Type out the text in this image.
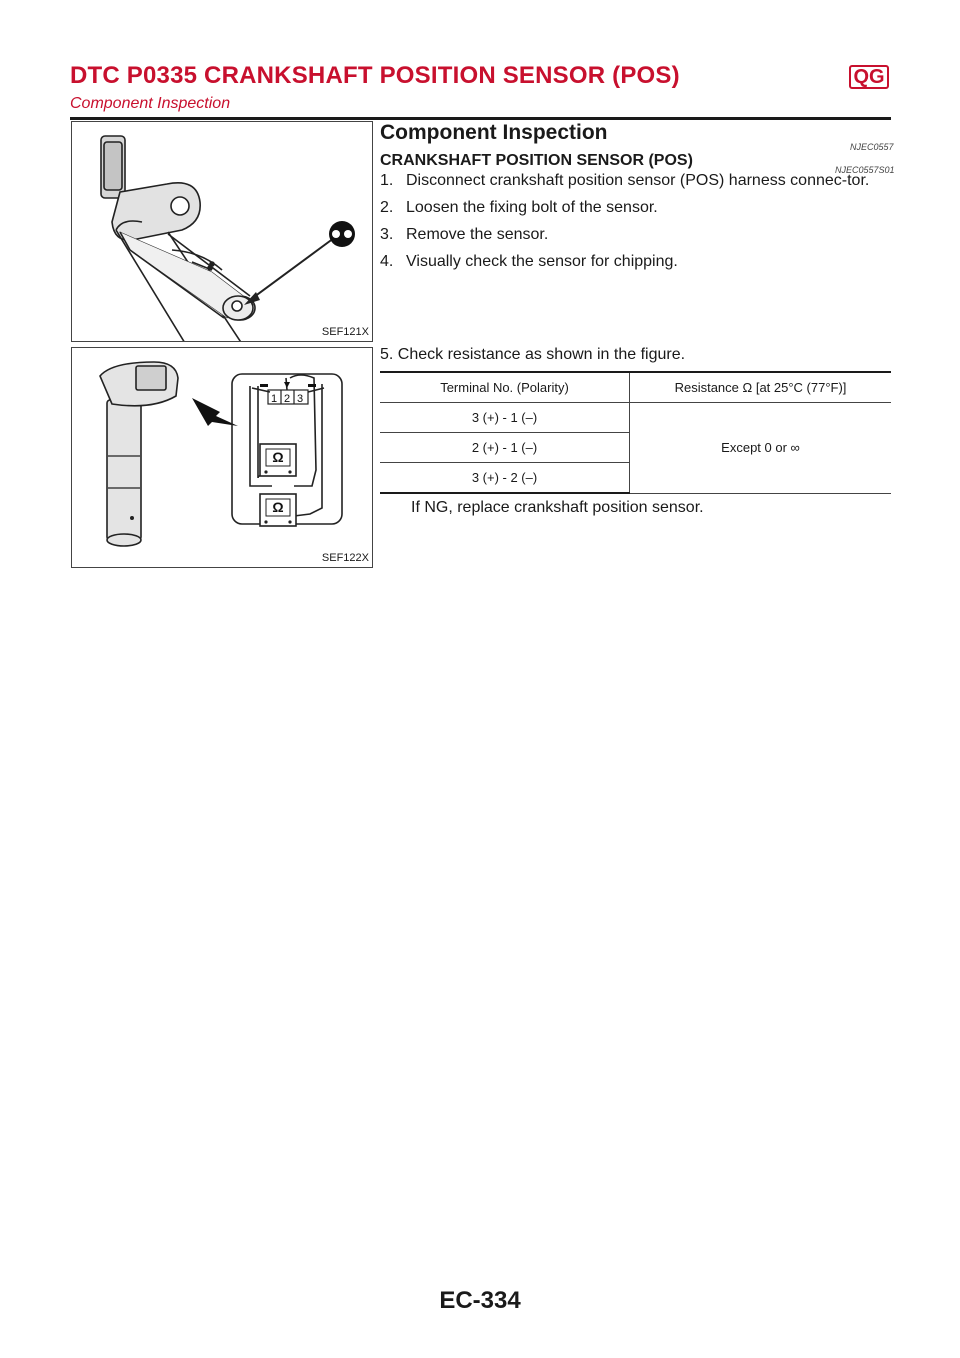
DTC P0335 CRANKSHAFT POSITION SENSOR (POS)	QG
Component Inspection
SEF121X
1 2 3
Ω
Ω
SEF122X
Component Inspection
NJEC0557
CRANKSHAFT POSITION SENSOR (POS)
NJEC0557S01
1. Disconnect crankshaft position sensor (POS) harness connec-tor.
2. Loosen the fixing bolt of the sensor.
3. Remove the sensor.
4. Visually check the sensor for chipping.
5. Check resistance as shown in the figure.
Terminal No. (Polarity)	Resistance Ω [at 25°C (77°F)]
3 (+) - 1 (–)	Except 0 or ∞
2 (+) - 1 (–)	
3 (+) - 2 (–)	
If NG, replace crankshaft position sensor.
EC-334
